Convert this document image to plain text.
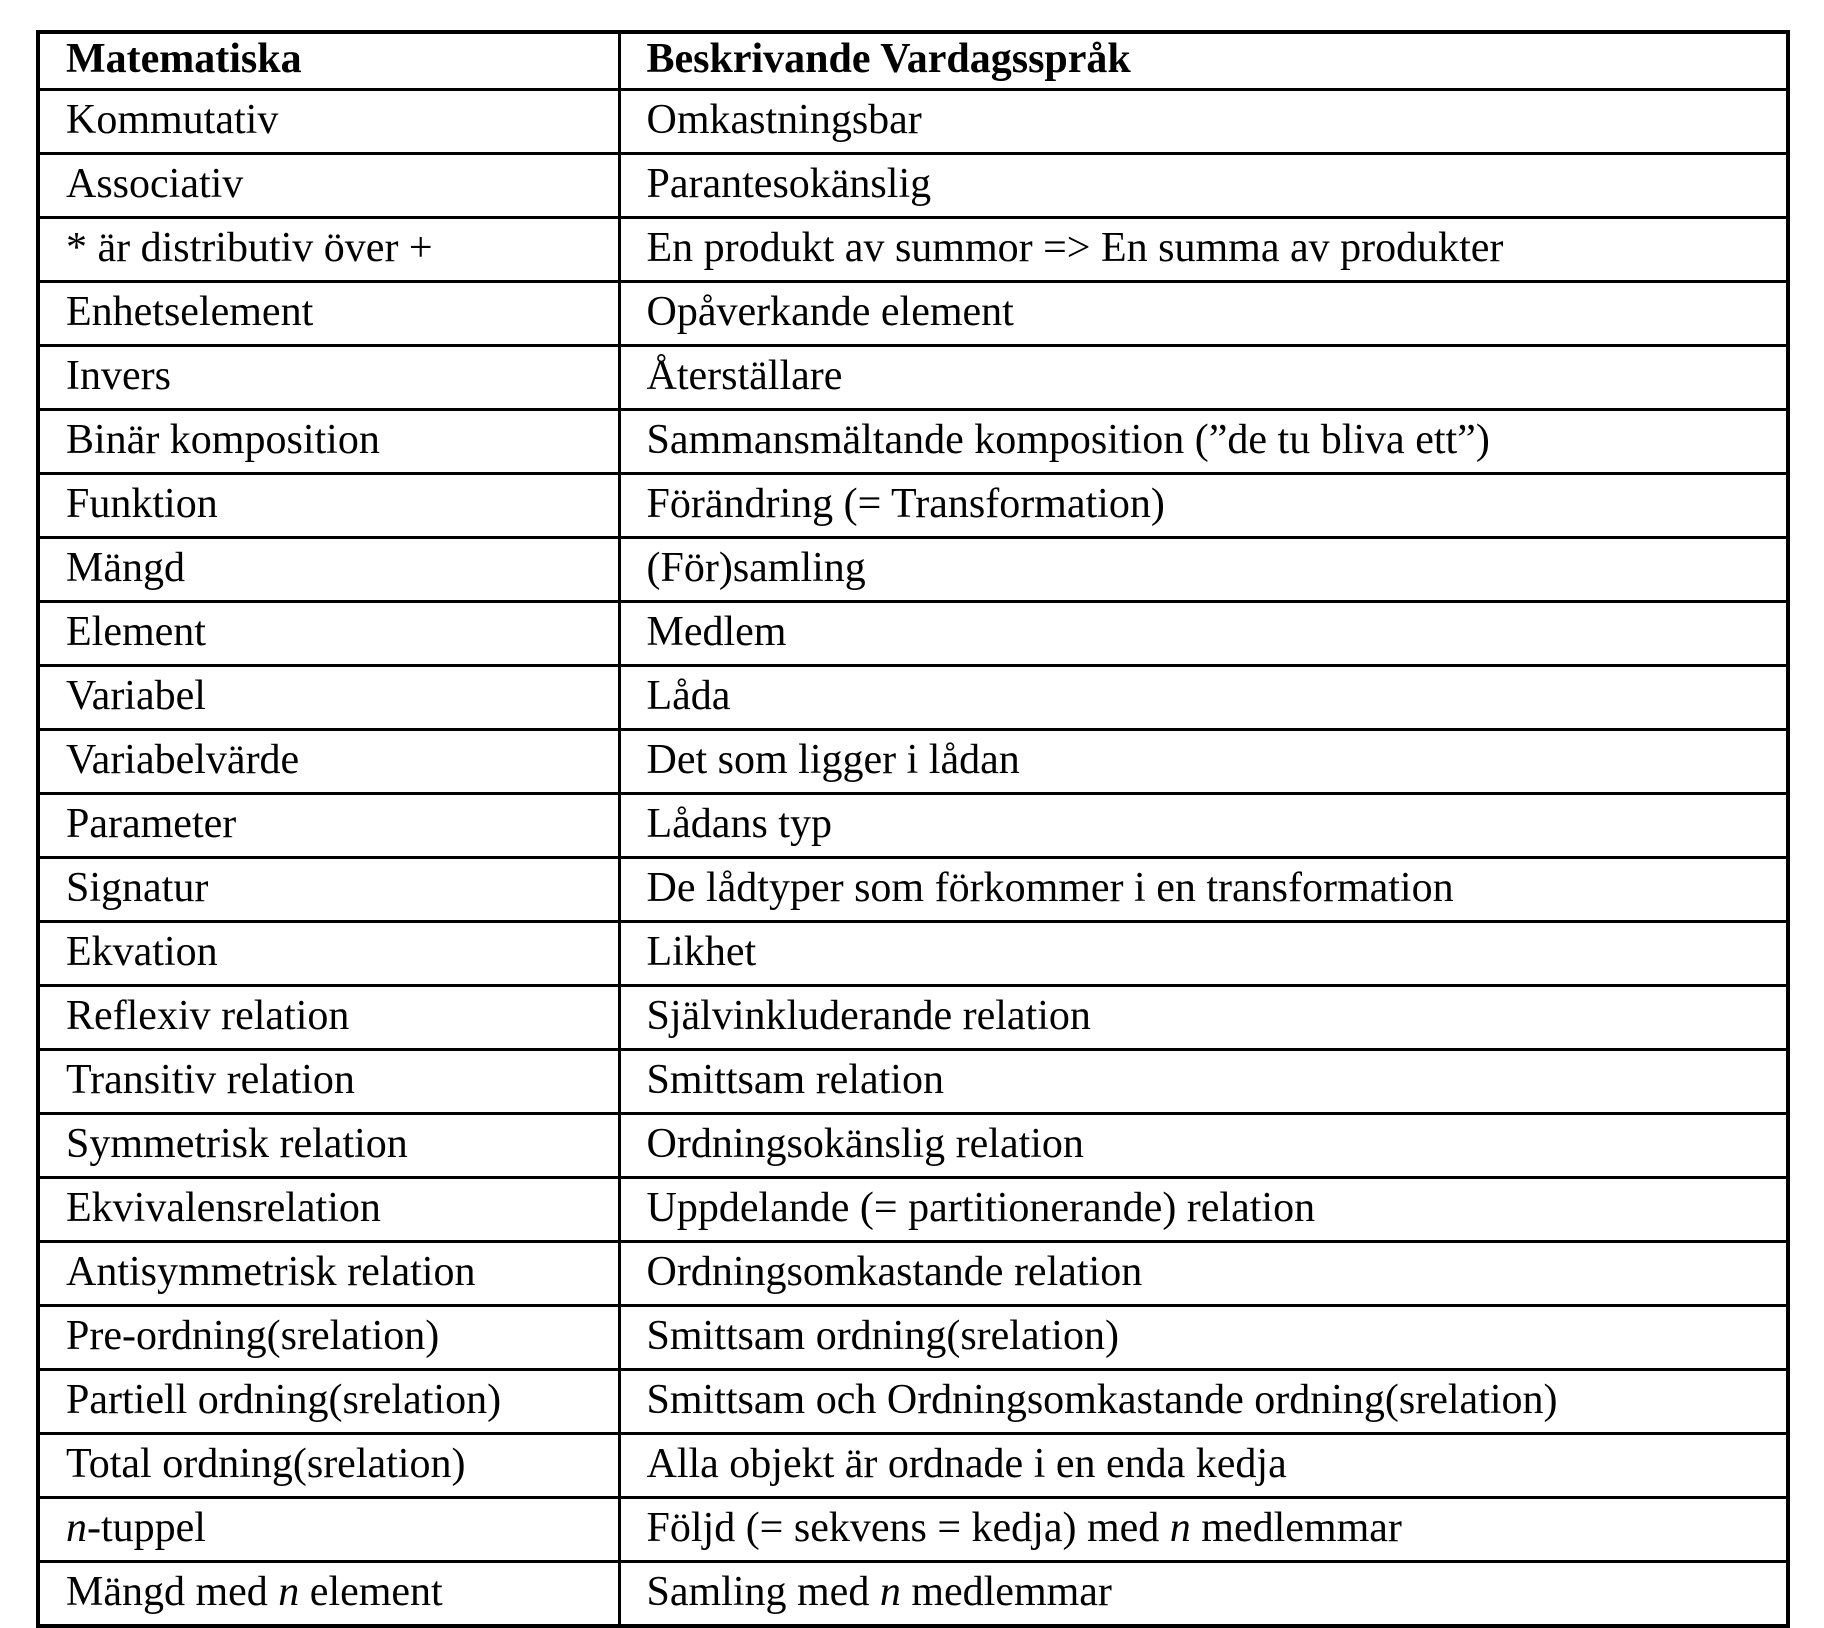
Matematiska	Beskrivande Vardagsspråk
Kommutativ	Omkastningsbar
Associativ	Parantesokänslig
* är distributiv över +	En produkt av summor => En summa av produkter
Enhetselement	Opåverkande element
Invers	Återställare
Binär komposition	Sammansmältande komposition (”de tu bliva ett”)
Funktion	Förändring (= Transformation)
Mängd	(För)samling
Element	Medlem
Variabel	Låda
Variabelvärde	Det som ligger i lådan
Parameter	Lådans typ
Signatur	De lådtyper som förkommer i en transformation
Ekvation	Likhet
Reflexiv relation	Självinkluderande relation
Transitiv relation	Smittsam relation
Symmetrisk relation	Ordningsokänslig relation
Ekvivalensrelation	Uppdelande (= partitionerande) relation
Antisymmetrisk relation	Ordningsomkastande relation
Pre-ordning(srelation)	Smittsam ordning(srelation)
Partiell ordning(srelation)	Smittsam och Ordningsomkastande ordning(srelation)
Total ordning(srelation)	Alla objekt är ordnade i en enda kedja
n-tuppel	Följd (= sekvens = kedja) med n medlemmar
Mängd med n element	Samling med n medlemmar
